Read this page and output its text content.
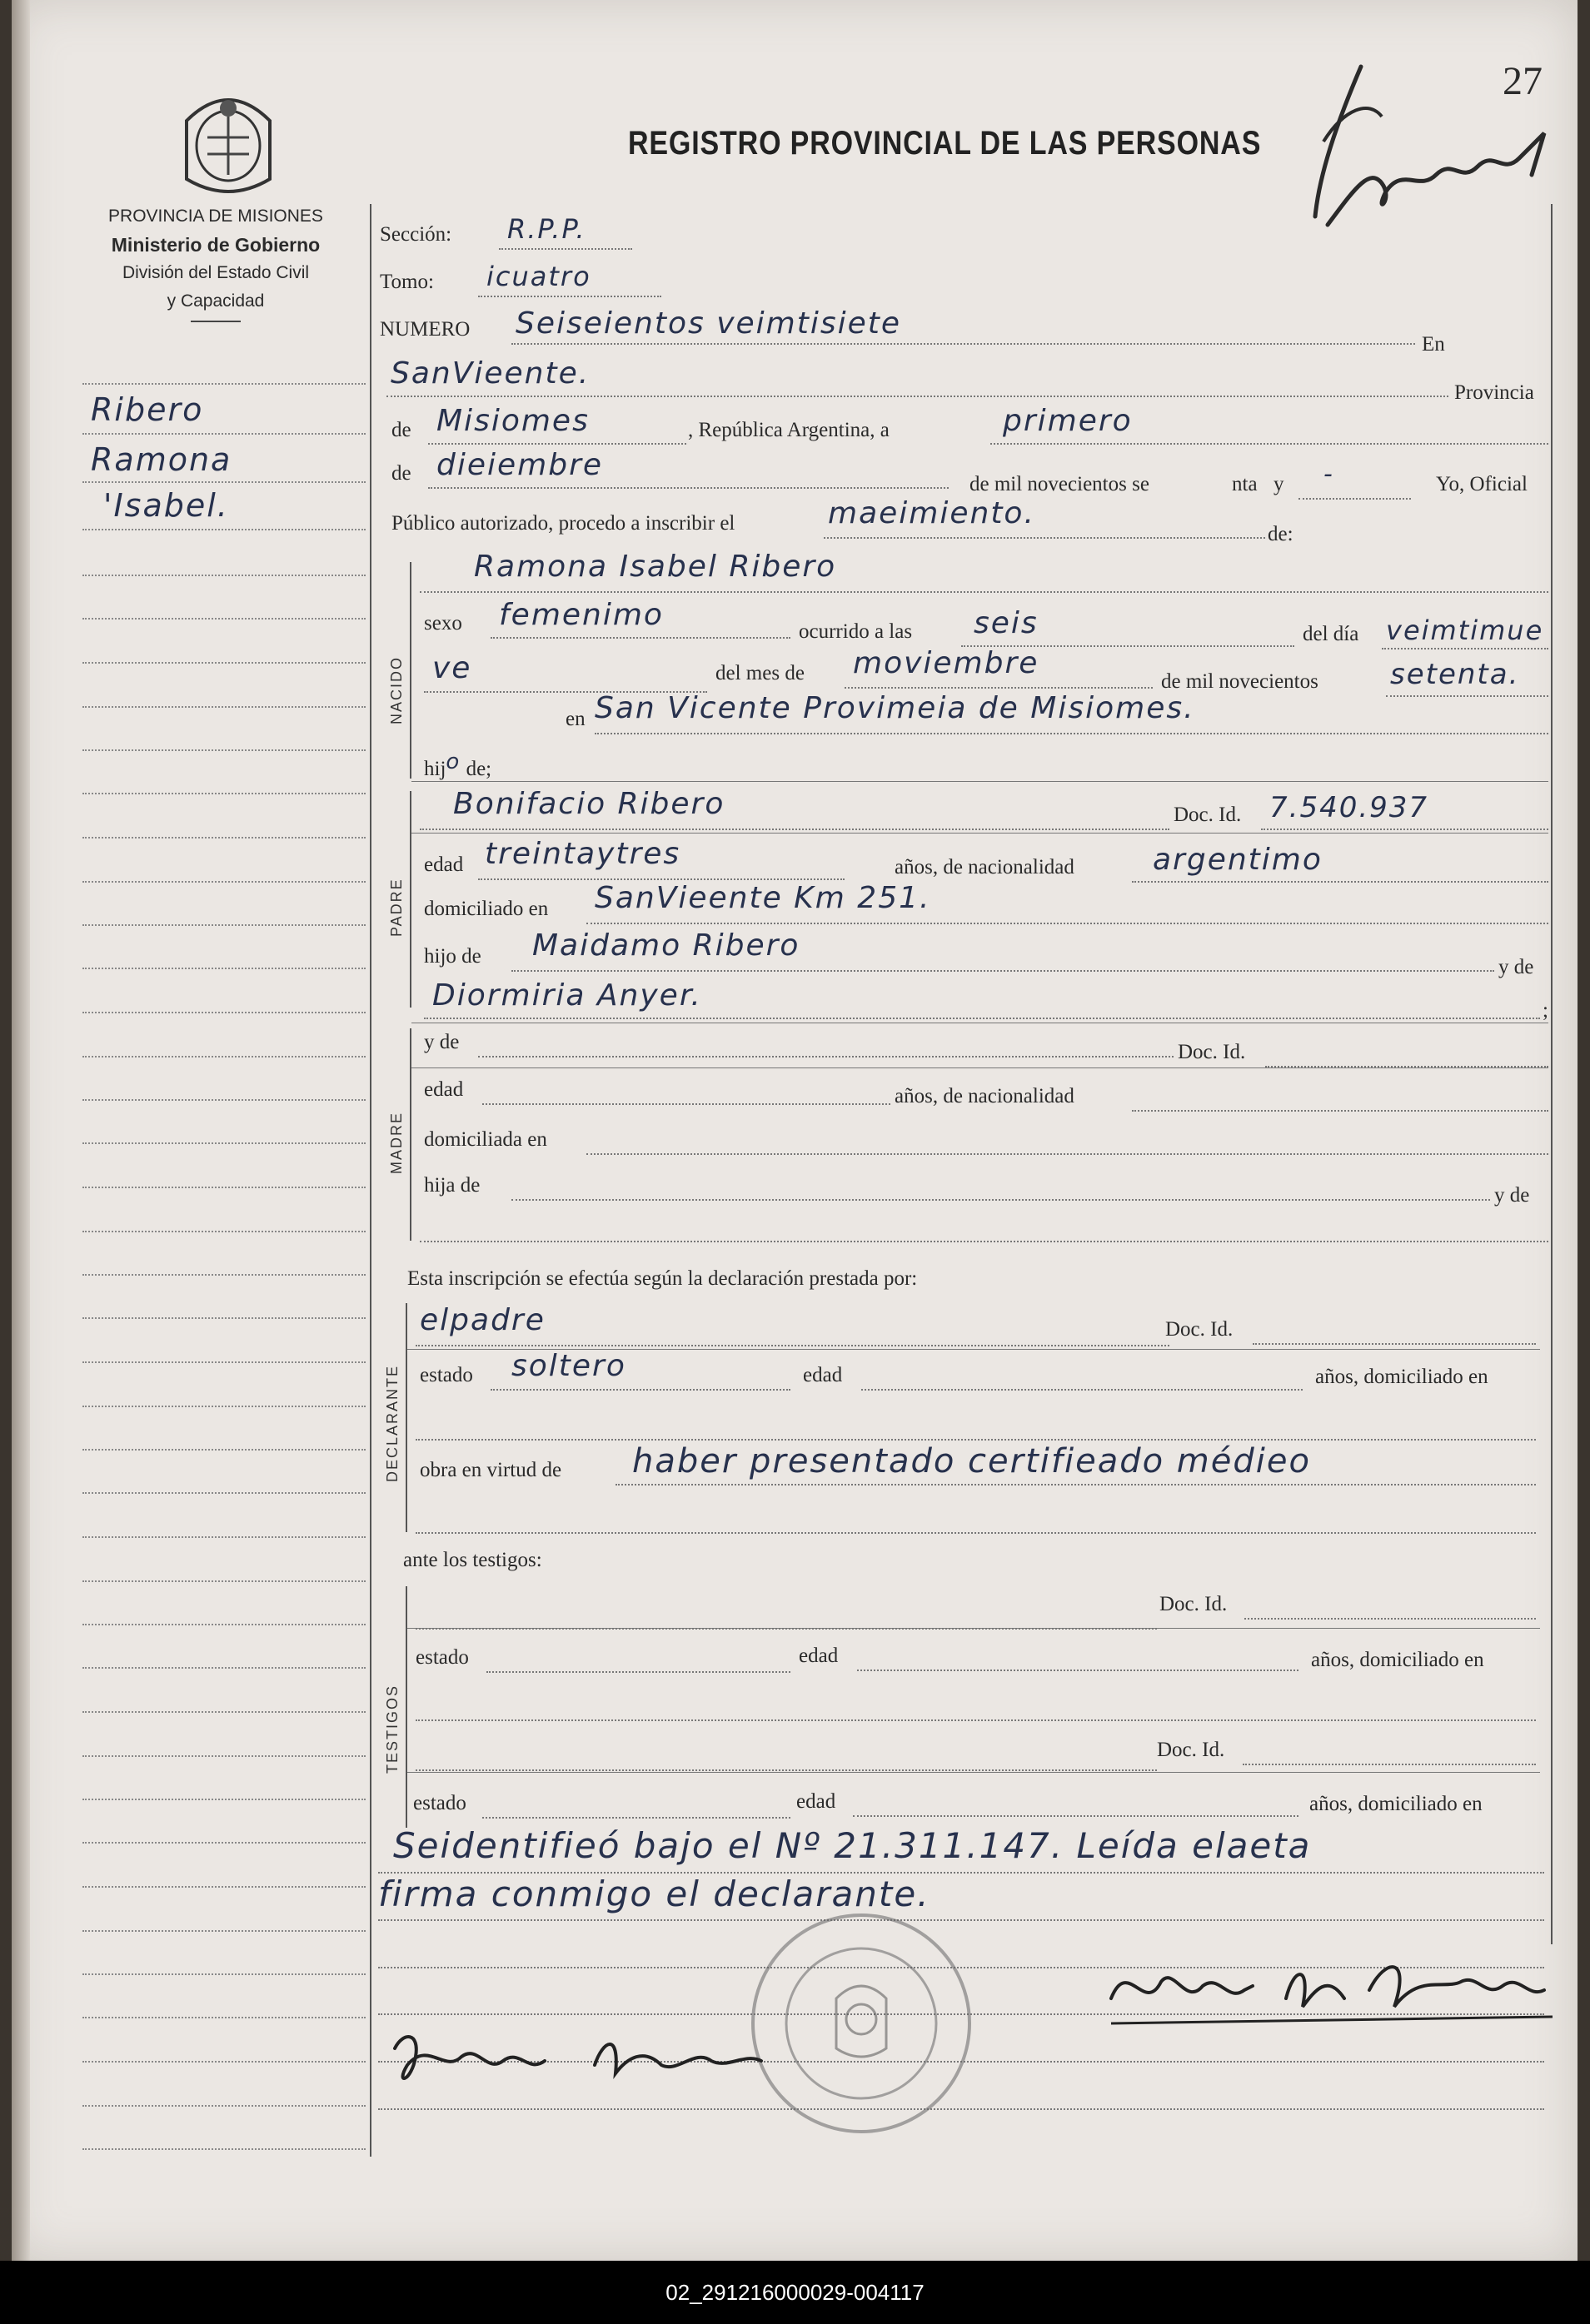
27
PROVINCIA DE MISIONES
Ministerio de Gobierno
División del Estado Civil
y Capacidad
REGISTRO PROVINCIAL DE LAS PERSONAS
Ribero
Ramona
'Isabel.
Sección: R.P.P.
Tomo: icuatro
NUMERO Seiseientos veimtisiete
En
SanVieente.
Provincia
de Misiomes	, República Argentina, a	primero
de dieiembre
de mil novecientos se	nta y -	Yo, Oficial
Público autorizado, procedo a inscribir el	maeimiento.
de:
NACIDO
Ramona Isabel Ribero
sexo femenimo	ocurrido a las seis	del día veimtimue
ve	del mes de moviembre
de mil novecientos	setenta.
en San Vicente Provimeia de Misiomes.
hijo de;
PADRE
Bonifacio Ribero	Doc. Id. 7.540.937
edad treintaytres	años, de nacionalidad	argentimo
domiciliado en SanVieente Km 251.
hijo de Maidamo Ribero
y de
Diormiria Anyer.	;
MADRE
y de	Doc. Id.
edad	años, de nacionalidad
domiciliada en
hija de	y de
Esta inscripción se efectúa según la declaración prestada por:
DECLARANTE
elpadre	Doc. Id.
estado soltero	edad	años, domiciliado en
obra en virtud de haber presentado certifieado médieo
ante los testigos:
TESTIGOS
Doc. Id.
estado	edad	años, domiciliado en
Doc. Id.
estado	edad	años, domiciliado en
Seidentifieó bajo el Nº 21.311.147. Leída elaeta
firma conmigo el declarante.
02_291216000029-004117
